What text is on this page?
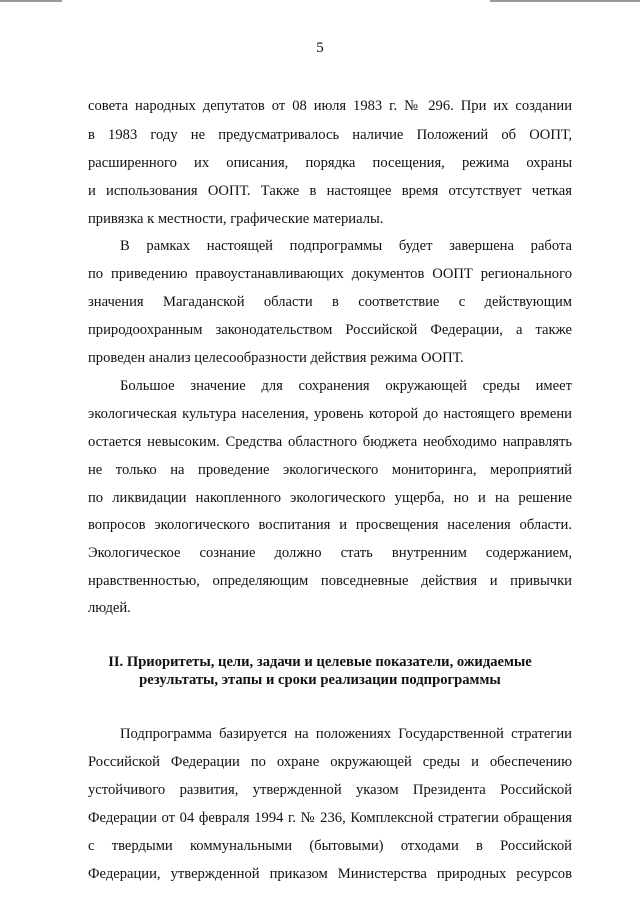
5
совета народных депутатов от 08 июля 1983 г. № 296. При их создании
в 1983 году не предусматривалось наличие Положений об ООПТ,
расширенного их описания, порядка посещения, режима охраны
и использования ООПТ. Также в настоящее время отсутствует четкая
привязка к местности, графические материалы.
В рамках настоящей подпрограммы будет завершена работа
по приведению правоустанавливающих документов ООПТ регионального
значения Магаданской области в соответствие с действующим
природоохранным законодательством Российской Федерации, а также
проведен анализ целесообразности действия режима ООПТ.
Большое значение для сохранения окружающей среды имеет
экологическая культура населения, уровень которой до настоящего времени
остается невысоким. Средства областного бюджета необходимо направлять
не только на проведение экологического мониторинга, мероприятий
по ликвидации накопленного экологического ущерба, но и на решение
вопросов экологического воспитания и просвещения населения области.
Экологическое сознание должно стать внутренним содержанием,
нравственностью, определяющим повседневные действия и привычки
людей.
II. Приоритеты, цели, задачи и целевые показатели, ожидаемые
результаты, этапы и сроки реализации подпрограммы
Подпрограмма базируется на положениях Государственной стратегии
Российской Федерации по охране окружающей среды и обеспечению
устойчивого развития, утвержденной указом Президента Российской
Федерации от 04 февраля 1994 г. № 236, Комплексной стратегии обращения
с твердыми коммунальными (бытовыми) отходами в Российской
Федерации, утвержденной приказом Министерства природных ресурсов
